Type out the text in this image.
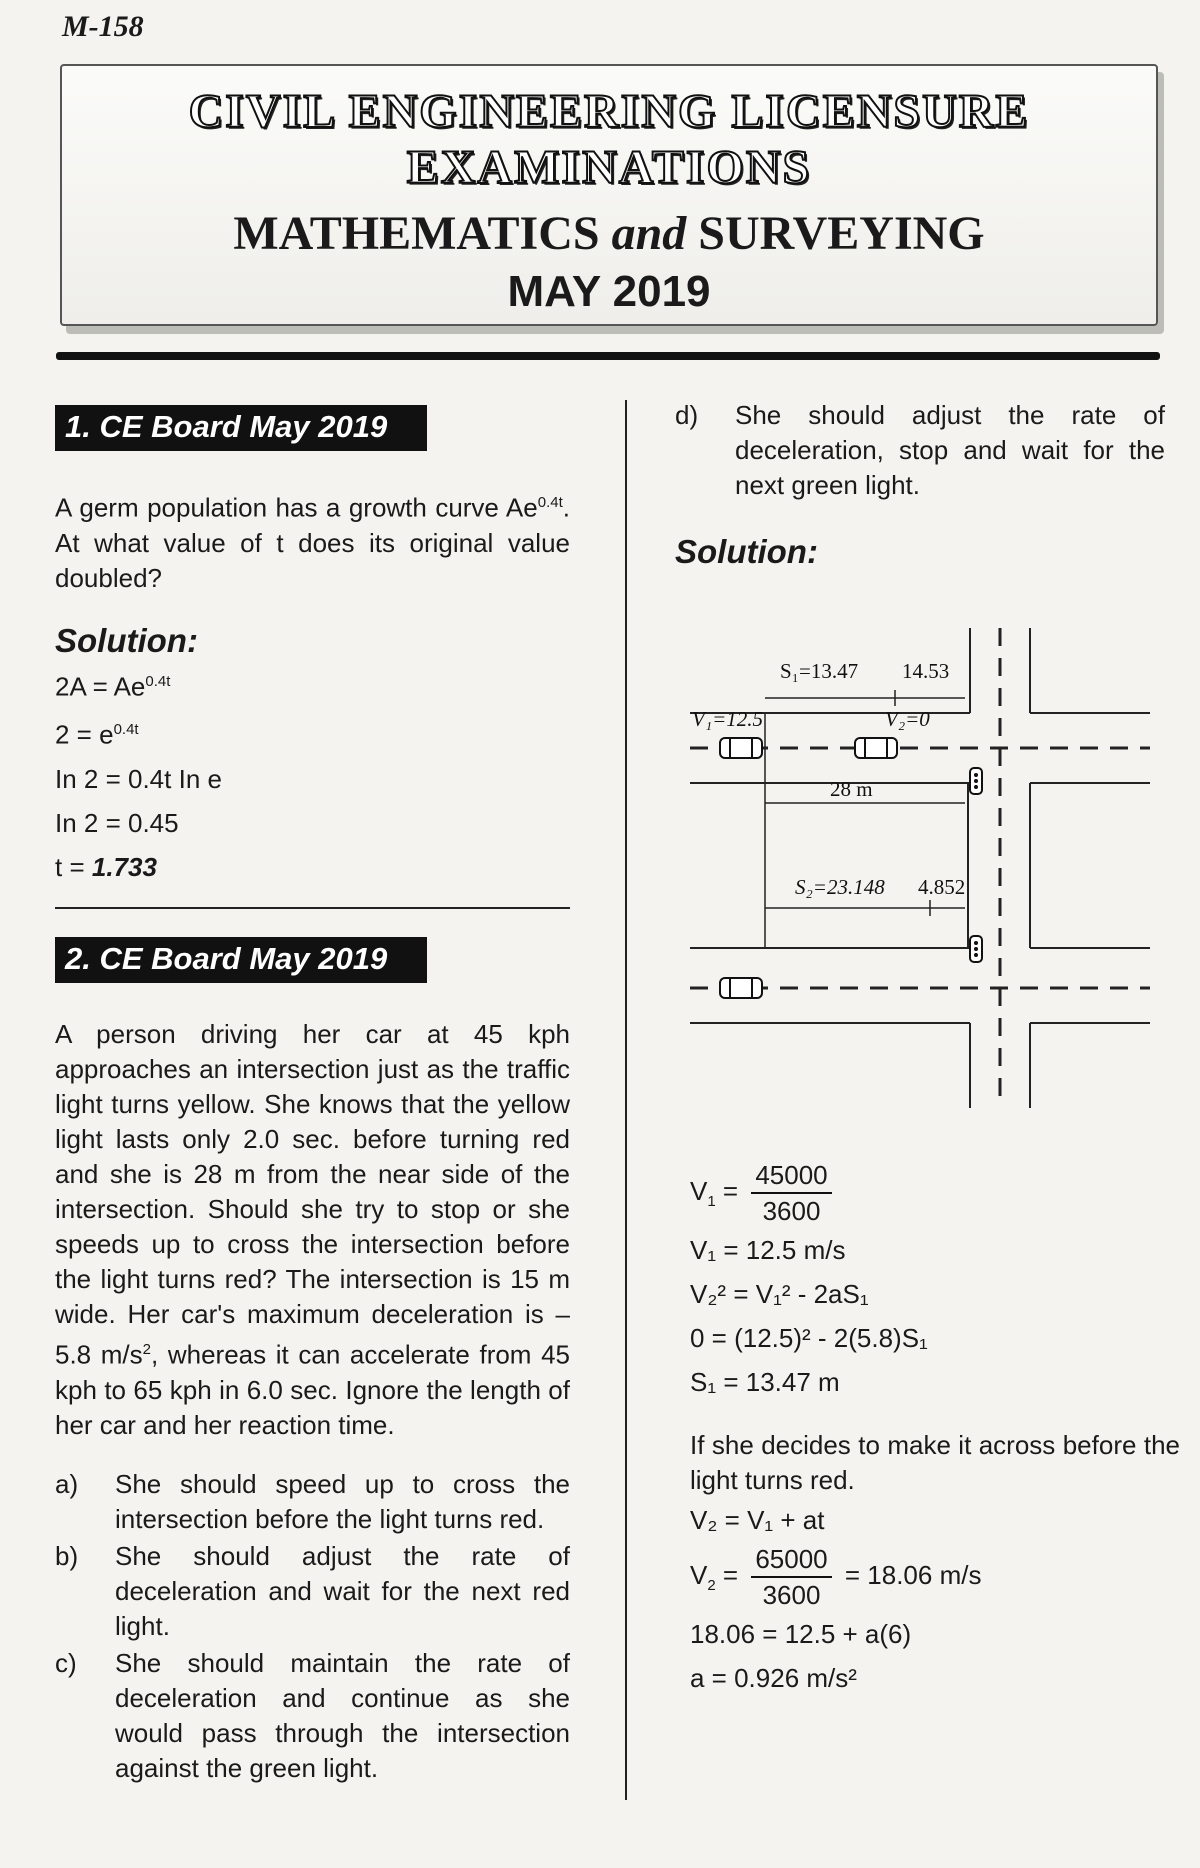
M-158
CIVIL ENGINEERING LICENSURE
EXAMINATIONS
MATHEMATICS and SURVEYING
MAY 2019
1. CE Board May 2019

A germ population has a growth curve $Ae^{0.4t}$. At what value of t does its original value doubled?

Solution:

$2A = Ae^{0.4t}$

$2 = e^{0.4t}$

In 2 = 0.4t In e

In 2 = 0.45

t = 1.733

2. CE Board May 2019

A person driving her car at 45 kph approaches an intersection just as the traffic light turns yellow. She knows that the yellow light lasts only 2.0 sec. before turning red and she is 28 m from the near side of the intersection. Should she try to stop or she speeds up to cross the intersection before the light turns red? The intersection is 15 m wide. Her car's maximum deceleration is – 5.8 $m/s^2$, whereas it can accelerate from 45 kph to 65 kph in 6.0 sec. Ignore the length of her car and her reaction time.

a)	She should speed up to cross the intersection before the light turns red.
b)	She should adjust the rate of deceleration and wait for the next red light.
c)	She should maintain the rate of deceleration and continue as she would pass through the intersection against the green light.
d)	She should adjust the rate of deceleration, stop and wait for the next green light.

Solution:

S₁=13.47 14.53
V₁=12.5	V₂=0
28 m
S₂=23.148 4.852

$V_1 = \frac{45000}{3600}$

V₁ = 12.5 m/s

V₂² = V₁² - 2aS₁

0 = (12.5)² - 2(5.8)S₁

S₁ = 13.47 m

If she decides to make it across before the light turns red.

V₂ = V₁ + at

$V_2 = \frac{65000}{3600} = 18.06$ m/s

18.06 = 12.5 + a(6)

a = 0.926 m/s²
